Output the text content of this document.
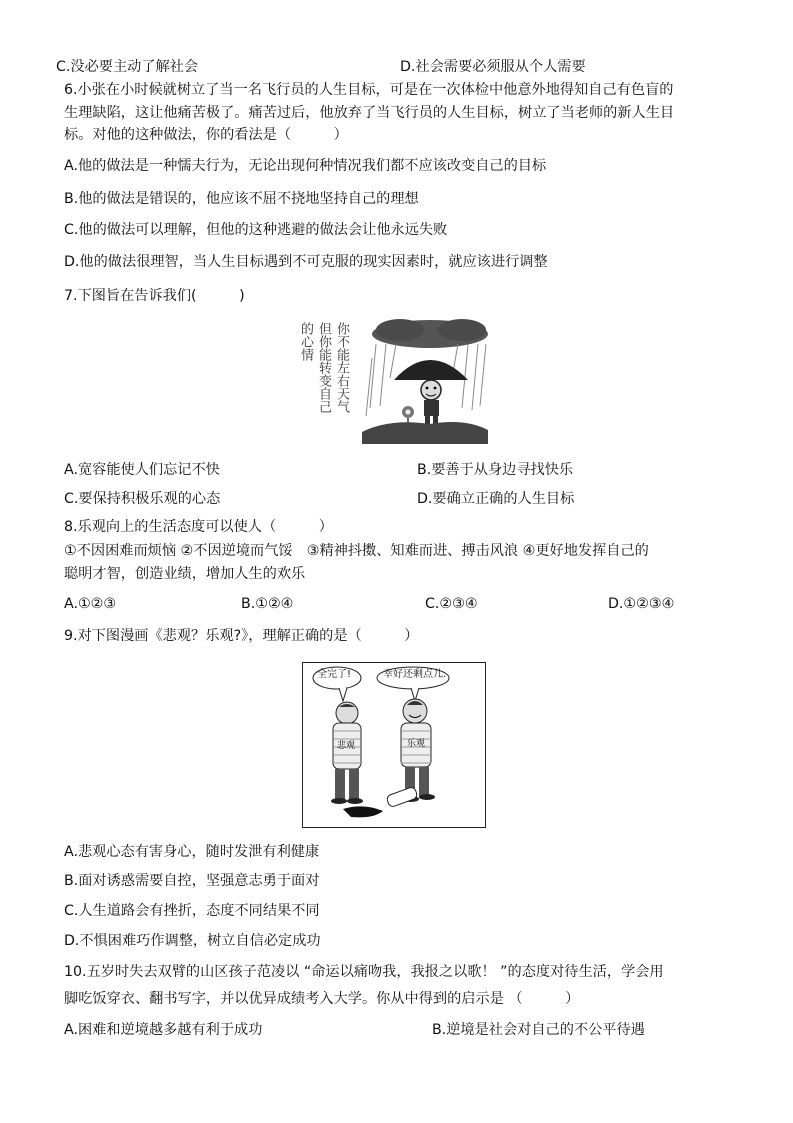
C.没必要主动了解社会	D.社会需要必须服从个人需要
6.小张在小时候就树立了当一名飞行员的人生目标，可是在一次体检中他意外地得知自己有色盲的
生理缺陷，这让他痛苦极了。痛苦过后，他放弃了当飞行员的人生目标，树立了当老师的新人生目
标。对他的这种做法，你的看法是（　　　）
A.他的做法是一种懦夫行为，无论出现何种情况我们都不应该改变自己的目标
B.他的做法是错误的，他应该不屈不挠地坚持自己的理想
C.他的做法可以理解，但他的这种逃避的做法会让他永远失败
D.他的做法很理智，当人生目标遇到不可克服的现实因素时，就应该进行调整
7.下图旨在告诉我们(　　　)
你不能左右天气
但你能转变自己
的心情
A.宽容能使人们忘记不快	B.要善于从身边寻找快乐
C.要保持积极乐观的心态	D.要确立正确的人生目标
8.乐观向上的生活态度可以使人（　　　）
①不因困难而烦恼 ②不因逆境而气馁　③精神抖擞、知难而进、搏击风浪 ④更好地发挥自己的
聪明才智，创造业绩，增加人生的欢乐
A.①②③	B.①②④	C.②③④	D.①②③④
9.对下图漫画《悲观？乐观?》，理解正确的是（　　　）
全完了!	幸好还剩点儿.
悲观	乐观
A.悲观心态有害身心，随时发泄有利健康
B.面对诱惑需要自控，坚强意志勇于面对
C.人生道路会有挫折，态度不同结果不同
D.不惧困难巧作调整，树立自信必定成功
10.五岁时失去双臂的山区孩子范凌以 “命运以痛吻我，我报之以歌！ ”的态度对待生活，学会用
脚吃饭穿衣、翻书写字，并以优异成绩考入大学。你从中得到的启示是 （　　　）
A.困难和逆境越多越有利于成功	B.逆境是社会对自己的不公平待遇
